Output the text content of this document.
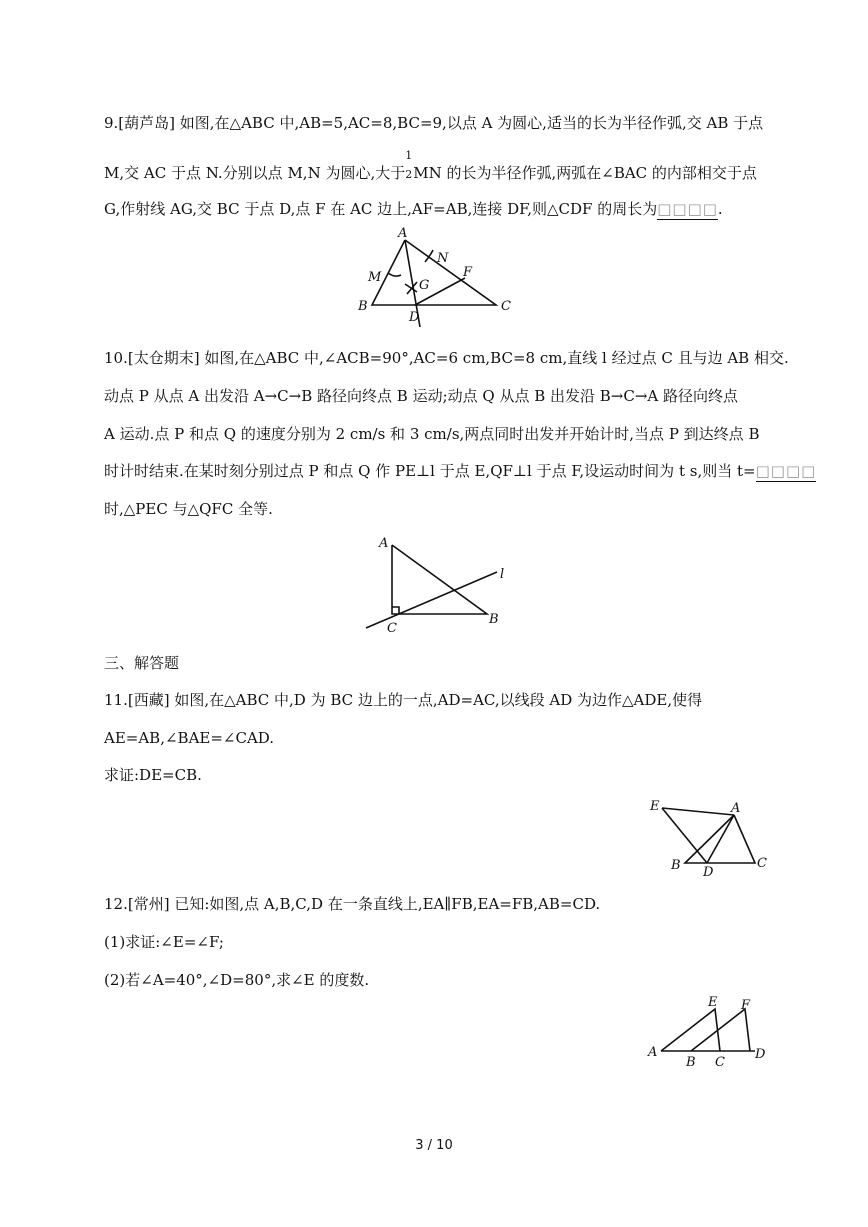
9.[葫芦岛] 如图,在△ABC 中,AB=5,AC=8,BC=9,以点 A 为圆心,适当的长为半径作弧,交 AB 于点
M,交 AC 于点 N.分别以点 M,N 为圆心,大于
1
2MN 的长为半径作弧,两弧在∠BAC 的内部相交于点
G,作射线 AG,交 BC 于点 D,点 F 在 AC 边上,AF=AB,连接 DF,则△CDF 的周长为□□□□.
A
N
M	F
G
B
D
C
10.[太仓期末] 如图,在△ABC 中,∠ACB=90°,AC=6 cm,BC=8 cm,直线 l 经过点 C 且与边 AB 相交.
动点 P 从点 A 出发沿 A→C→B 路径向终点 B 运动;动点 Q 从点 B 出发沿 B→C→A 路径向终点
A 运动.点 P 和点 Q 的速度分别为 2 cm/s 和 3 cm/s,两点同时出发并开始计时,当点 P 到达终点 B
时计时结束.在某时刻分别过点 P 和点 Q 作 PE⊥l 于点 E,QF⊥l 于点 F,设运动时间为 t s,则当 t=□□□□
时,△PEC 与△QFC 全等.
A
l
C
B
三、解答题
11.[西藏] 如图,在△ABC 中,D 为 BC 边上的一点,AD=AC,以线段 AD 为边作△ADE,使得
AE=AB,∠BAE=∠CAD.
求证:DE=CB.
E	A
B D
C
12.[常州] 已知:如图,点 A,B,C,D 在一条直线上,EA∥FB,EA=FB,AB=CD.
(1)求证:∠E=∠F;
(2)若∠A=40°,∠D=80°,求∠E 的度数.
E F
A
B C
D
3 / 10
